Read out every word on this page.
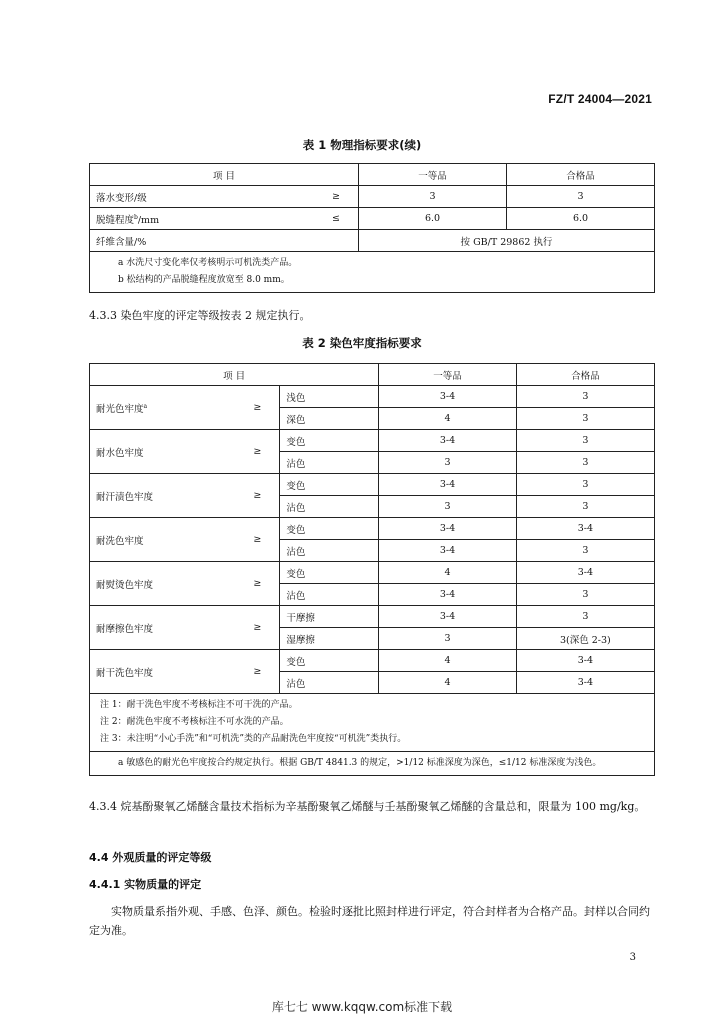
FZ/T 24004—2021
表 1 物理指标要求(续)
项 目		一等品	合格品
落水变形/级	≥	3	3
脱缝程度$^b$/mm	≤	6.0	6.0
纤维含量/%		按 GB/T 29862 执行	

a 水洗尺寸变化率仅考核明示可机洗类产品。
b 松结构的产品脱缝程度放宽至 8.0 mm。			
4.3.3 染色牢度的评定等级按表 2 规定执行。
表 2 染色牢度指标要求
项 目			一等品	合格品
耐光色牢度$^a$	≥	浅色	3-4	3
		深色	4	3
耐水色牢度	≥	变色	3-4	3
		沾色	3	3
耐汗渍色牢度	≥	变色	3-4	3
		沾色	3	3
耐洗色牢度	≥	变色	3-4	3-4
		沾色	3-4	3
耐熨烫色牢度	≥	变色	4	3-4
		沾色	3-4	3
耐摩擦色牢度	≥	干摩擦	3-4	3
		湿摩擦	3	3(深色 2-3)
耐干洗色牢度	≥	变色	4	3-4
		沾色	4	3-4

注 1：耐干洗色牢度不考核标注不可干洗的产品。
注 2：耐洗色牢度不考核标注不可水洗的产品。
注 3：未注明“小心手洗”和“可机洗”类的产品耐洗色牢度按“可机洗”类执行。				

a 敏感色的耐光色牢度按合约规定执行。根据 GB/T 4841.3 的规定，>1/12 标准深度为深色，≤1/12 标准深度为浅色。				
4.3.4 烷基酚聚氧乙烯醚含量技术指标为辛基酚聚氧乙烯醚与壬基酚聚氧乙烯醚的含量总和，限量为 100 mg/kg。
4.4 外观质量的评定等级
4.4.1 实物质量的评定
实物质量系指外观、手感、色泽、颜色。检验时逐批比照封样进行评定，符合封样者为合格产品。封样以合同约定为准。
3
库七七 www.kqqw.com标准下载
